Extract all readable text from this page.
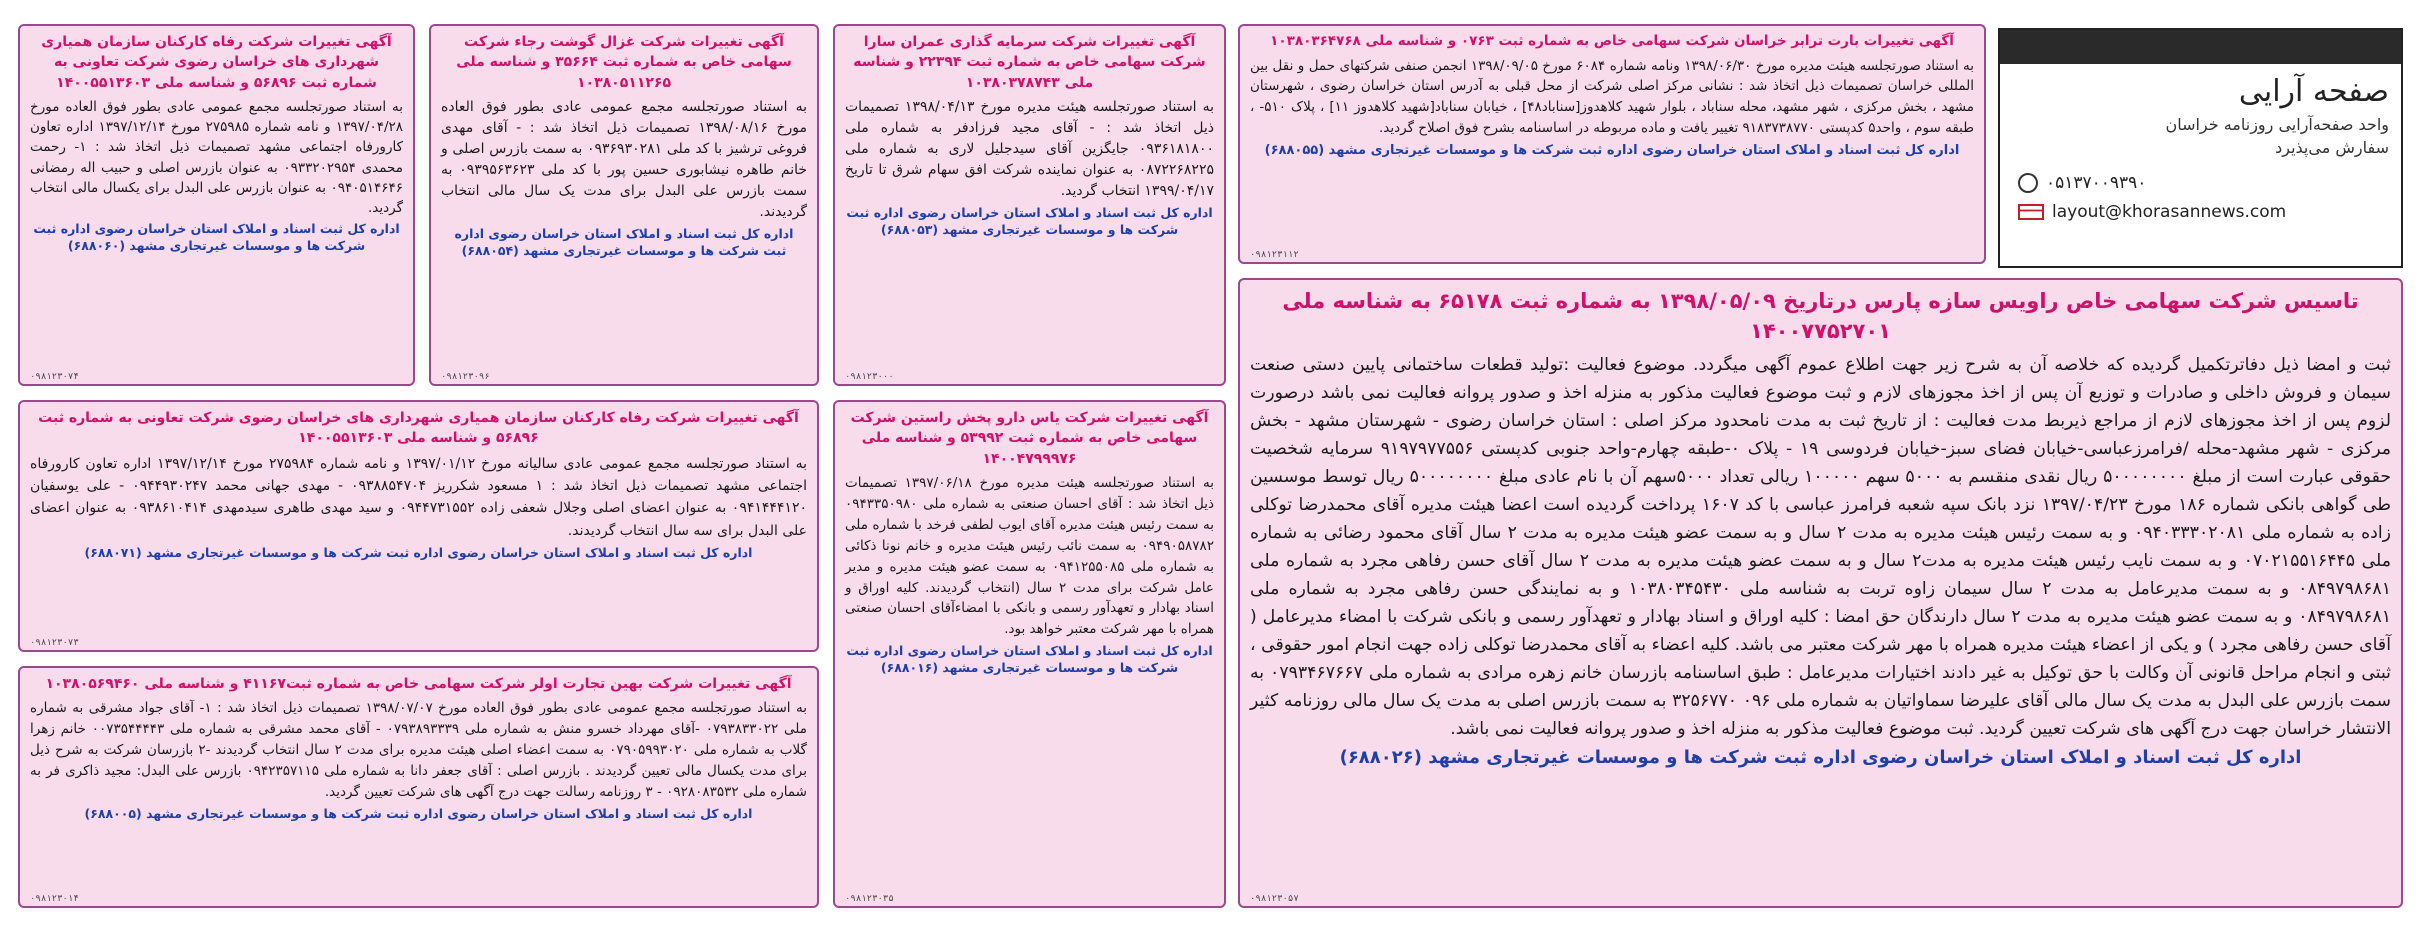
صفحه آرایی
واحد صفحه‌آرایی روزنامه خراسان
سفارش می‌پذیرد
۰۵۱۳۷۰۰۹۳۹۰
layout@khorasannews.com
آگهی تغییرات بارت ترابر خراسان شرکت سهامی خاص به شماره ثبت ۰۷۶۳ و شناسه ملی ۱۰۳۸۰۳۶۴۷۶۸
به استناد صورتجلسه هیئت مدیره مورخ ۱۳۹۸/۰۶/۳۰ ونامه شماره ۶۰۸۴ مورخ ۱۳۹۸/۰۹/۰۵ انجمن صنفی شرکتهای حمل و نقل بین المللی خراسان تصمیمات ذیل اتخاذ شد : نشانی مرکز اصلی شرکت از محل قبلی به آدرس استان خراسان رضوی ، شهرستان مشهد ، بخش مرکزی ، شهر مشهد، محله سناباد ، بلوار شهید کلاهدوز[سناباد۴۸] ، خیابان سناباد[شهید کلاهدوز ۱۱] ، پلاک ۵۱۰- ، طبقه سوم ، واحد۵ کدپستی ۹۱۸۳۷۳۸۷۷۰ تغییر یافت و ماده مربوطه در اساسنامه بشرح فوق اصلاح گردید.
اداره کل ثبت اسناد و املاک استان خراسان رضوی اداره ثبت شرکت ها و موسسات غیرتجاری مشهد (۶۸۸۰۵۵)
۰۹۸۱۲۳۱۱۲
آگهی تغییرات شرکت سرمایه گذاری عمران سارا شرکت سهامی خاص به شماره ثبت ۲۲۳۹۴ و شناسه ملی ۱۰۳۸۰۳۷۸۷۴۳
به استناد صورتجلسه هیئت مدیره مورخ ۱۳۹۸/۰۴/۱۳ تصمیمات ذیل اتخاذ شد : - آقای مجید فرزادفر به شماره ملی ۰۹۳۶۱۸۱۸۰۰ جایگزین آقای سیدجلیل لاری به شماره ملی ۰۸۷۲۲۶۸۲۲۵ به عنوان نماینده شرکت افق سهام شرق تا تاریخ ۱۳۹۹/۰۴/۱۷ انتخاب گردید.
اداره کل ثبت اسناد و املاک استان خراسان رضوی اداره ثبت شرکت ها و موسسات غیرتجاری مشهد (۶۸۸۰۵۳)
۰۹۸۱۲۳۰۰۰
آگهی تغییرات شرکت غزال گوشت رجاء شرکت سهامی خاص به شماره ثبت ۳۵۶۶۴ و شناسه ملی ۱۰۳۸۰۵۱۱۲۶۵
به استناد صورتجلسه مجمع عمومی عادی بطور فوق العاده مورخ ۱۳۹۸/۰۸/۱۶ تصمیمات ذیل اتخاذ شد : - آقای مهدی فروغی ترشیز با کد ملی ۰۹۳۶۹۳۰۲۸۱ به سمت بازرس اصلی و خانم طاهره نیشابوری حسین پور با کد ملی ۰۹۳۹۵۶۳۶۲۳ به سمت بازرس علی البدل برای مدت یک سال مالی انتخاب گردیدند.
اداره کل ثبت اسناد و املاک استان خراسان رضوی اداره ثبت شرکت ها و موسسات غیرتجاری مشهد (۶۸۸۰۵۴)
۰۹۸۱۲۳۰۹۶
آگهی تغییرات شرکت رفاه کارکنان سازمان همیاری شهرداری های خراسان رضوی شرکت تعاونی به شماره ثبت ۵۶۸۹۶ و شناسه ملی ۱۴۰۰۵۵۱۳۶۰۳
به استناد صورتجلسه مجمع عمومی عادی بطور فوق العاده مورخ ۱۳۹۷/۰۴/۲۸ و نامه شماره ۲۷۵۹۸۵ مورخ ۱۳۹۷/۱۲/۱۴ اداره تعاون کارورفاه اجتماعی مشهد تصمیمات ذیل اتخاذ شد : ۱- رحمت محمدی ۰۹۳۳۲۰۲۹۵۴ به عنوان بازرس اصلی و حبیب اله رمضانی ۰۹۴۰۵۱۴۶۴۶ به عنوان بازرس علی البدل برای یکسال مالی انتخاب گردید.
اداره کل ثبت اسناد و املاک استان خراسان رضوی اداره ثبت شرکت ها و موسسات غیرتجاری مشهد (۶۸۸۰۶۰)
۰۹۸۱۲۳۰۷۴
تاسیس شرکت سهامی خاص راویس سازه پارس درتاریخ ۱۳۹۸/۰۵/۰۹ به شماره ثبت ۶۵۱۷۸ به شناسه ملی ۱۴۰۰۷۷۵۲۷۰۱
ثبت و امضا ذیل دفاترتکمیل گردیده که خلاصه آن به شرح زیر جهت اطلاع عموم آگهی میگردد. موضوع فعالیت :تولید قطعات ساختمانی پایین دستی صنعت سیمان و فروش داخلی و صادرات و توزیع آن پس از اخذ مجوزهای لازم و ثبت موضوع فعالیت مذکور به منزله اخذ و صدور پروانه فعالیت نمی باشد درصورت لزوم پس از اخذ مجوزهای لازم از مراجع ذیربط مدت فعالیت : از تاریخ ثبت به مدت نامحدود مرکز اصلی : استان خراسان رضوی - شهرستان مشهد - بخش مرکزی - شهر مشهد-محله /فرامرزعباسی-خیابان فضای سبز-خیابان فردوسی ۱۹ - پلاک ۰-طبقه چهارم-واحد جنوبی کدپستی ۹۱۹۷۹۷۷۵۵۶ سرمایه شخصیت حقوقی عبارت است از مبلغ ۵۰۰۰۰۰۰۰۰ ریال نقدی منقسم به ۵۰۰۰ سهم ۱۰۰۰۰۰ ریالی تعداد ۵۰۰۰سهم آن با نام عادی مبلغ ۵۰۰۰۰۰۰۰۰ ریال توسط موسسین طی گواهی بانکی شماره ۱۸۶ مورخ ۱۳۹۷/۰۴/۲۳ نزد بانک سپه شعبه فرامرز عباسی با کد ۱۶۰۷ پرداخت گردیده است اعضا هیئت مدیره آقای محمدرضا توکلی زاده به شماره ملی ۰۹۴۰۳۳۳۰۲۰۸۱ و به سمت رئیس هیئت مدیره به مدت ۲ سال و به سمت عضو هیئت مدیره به مدت ۲ سال آقای محمود رضائی به شماره ملی ۰۷۰۲۱۵۵۱۶۴۴۵ و به سمت نایب رئیس هیئت مدیره به مدت۲ سال و به سمت عضو هیئت مدیره به مدت ۲ سال آقای حسن رفاهی مجرد به شماره ملی ۰۸۴۹۷۹۸۶۸۱ و به سمت مدیرعامل به مدت ۲ سال سیمان زاوه تربت به شناسه ملی ۱۰۳۸۰۳۴۵۴۳۰ و به نمایندگی حسن رفاهی مجرد به شماره ملی ۰۸۴۹۷۹۸۶۸۱ و به سمت عضو هیئت مدیره به مدت ۲ سال دارندگان حق امضا : کلیه اوراق و اسناد بهادار و تعهدآور رسمی و بانکی شرکت با امضاء مدیرعامل ( آقای حسن رفاهی مجرد ) و یکی از اعضاء هیئت مدیره همراه با مهر شرکت معتبر می باشد. کلیه اعضاء به آقای محمدرضا توکلی زاده جهت انجام امور حقوقی ، ثبتی و انجام مراحل قانونی آن وکالت با حق توکیل به غیر دادند اختیارات مدیرعامل : طبق اساسنامه بازرسان خانم زهره مرادی به شماره ملی ۰۷۹۳۴۶۷۶۶۷ به سمت بازرس علی البدل به مدت یک سال مالی آقای علیرضا سماواتیان به شماره ملی ۰۹۶ ۳۲۵۶۷۷۰ به سمت بازرس اصلی به مدت یک سال مالی روزنامه کثیر الانتشار خراسان جهت درج آگهی های شرکت تعیین گردید. ثبت موضوع فعالیت مذکور به منزله اخذ و صدور پروانه فعالیت نمی باشد.
اداره کل ثبت اسناد و املاک استان خراسان رضوی اداره ثبت شرکت ها و موسسات غیرتجاری مشهد (۶۸۸۰۲۶)
۰۹۸۱۲۳۰۵۷
آگهی تغییرات شرکت یاس دارو پخش راستین شرکت سهامی خاص به شماره ثبت ۵۳۹۹۲ و شناسه ملی ۱۴۰۰۴۷۹۹۹۷۶
به استناد صورتجلسه هیئت مدیره مورخ ۱۳۹۷/۰۶/۱۸ تصمیمات ذیل اتخاذ شد : آقای احسان صنعتی به شماره ملی ۰۹۴۳۳۵۰۹۸۰ به سمت رئیس هیئت مدیره آقای ایوب لطفی فرخد با شماره ملی ۰۹۴۹۰۵۸۷۸۲ به سمت نائب رئیس هیئت مدیره و خانم نونا ذکائی به شماره ملی ۰۹۴۱۲۵۵۰۸۵ به سمت عضو هیئت مدیره و مدیر عامل شرکت برای مدت ۲ سال (انتخاب گردیدند. کلیه اوراق و اسناد بهادار و تعهدآور رسمی و بانکی با امضاءآقای احسان صنعتی همراه با مهر شرکت معتبر خواهد بود.
اداره کل ثبت اسناد و املاک استان خراسان رضوی اداره ثبت شرکت ها و موسسات غیرتجاری مشهد (۶۸۸۰۱۶)
۰۹۸۱۲۳۰۳۵
آگهی تغییرات شرکت رفاه کارکنان سازمان همیاری شهرداری های خراسان رضوی شرکت تعاونی به شماره ثبت ۵۶۸۹۶ و شناسه ملی ۱۴۰۰۵۵۱۳۶۰۳
به استناد صورتجلسه مجمع عمومی عادی سالیانه مورخ ۱۳۹۷/۰۱/۱۲ و نامه شماره ۲۷۵۹۸۴ مورخ ۱۳۹۷/۱۲/۱۴ اداره تعاون کارورفاه اجتماعی مشهد تصمیمات ذیل اتخاذ شد : ۱ مسعود شکرریز ۰۹۳۸۸۵۴۷۰۴ - مهدی جهانی محمد ۰۹۴۴۹۳۰۲۴۷ - علی یوسفیان ۰۹۴۱۴۴۴۱۲۰ به عنوان اعضای اصلی وجلال شعفی زاده ۰۹۴۴۷۳۱۵۵۲ و سید مهدی طاهری سیدمهدی ۰۹۳۸۶۱۰۴۱۴ به عنوان اعضای علی البدل برای سه سال انتخاب گردیدند.
اداره کل ثبت اسناد و املاک استان خراسان رضوی اداره ثبت شرکت ها و موسسات غیرتجاری مشهد (۶۸۸۰۷۱)
۰۹۸۱۲۳۰۷۳
آگهی تغییرات شرکت بهین تجارت اولر شرکت سهامی خاص به شماره ثبت۴۱۱۶۷ و شناسه ملی ۱۰۳۸۰۵۶۹۴۶۰
به استناد صورتجلسه مجمع عمومی عادی بطور فوق العاده مورخ ۱۳۹۸/۰۷/۰۷ تصمیمات ذیل اتخاذ شد : ۱- آقای جواد مشرقی به شماره ملی ۰۷۹۳۸۳۳۰۲۲ -آقای مهرداد خسرو منش به شماره ملی ۰۷۹۳۸۹۳۳۳۹ - آقای محمد مشرقی به شماره ملی ۰۰۷۳۵۴۴۴۴۳ خانم زهرا گلاب به شماره ملی ۰۷۹۰۵۹۹۳۰۲۰ به سمت اعضاء اصلی هیئت مدیره برای مدت ۲ سال انتخاب گردیدند -۲ بازرسان شرکت به شرح ذیل برای مدت یکسال مالی تعیین گردیدند . بازرس اصلی : آقای جعفر دانا به شماره ملی ۰۹۴۲۳۵۷۱۱۵ بازرس علی البدل: مجید ذاکری فر به شماره ملی ۰۹۲۸۰۸۳۵۳۲ - ۳ روزنامه رسالت جهت درج آگهی های شرکت تعیین گردید.
اداره کل ثبت اسناد و املاک استان خراسان رضوی اداره ثبت شرکت ها و موسسات غیرتجاری مشهد (۶۸۸۰۰۵)
۰۹۸۱۲۳۰۱۴
